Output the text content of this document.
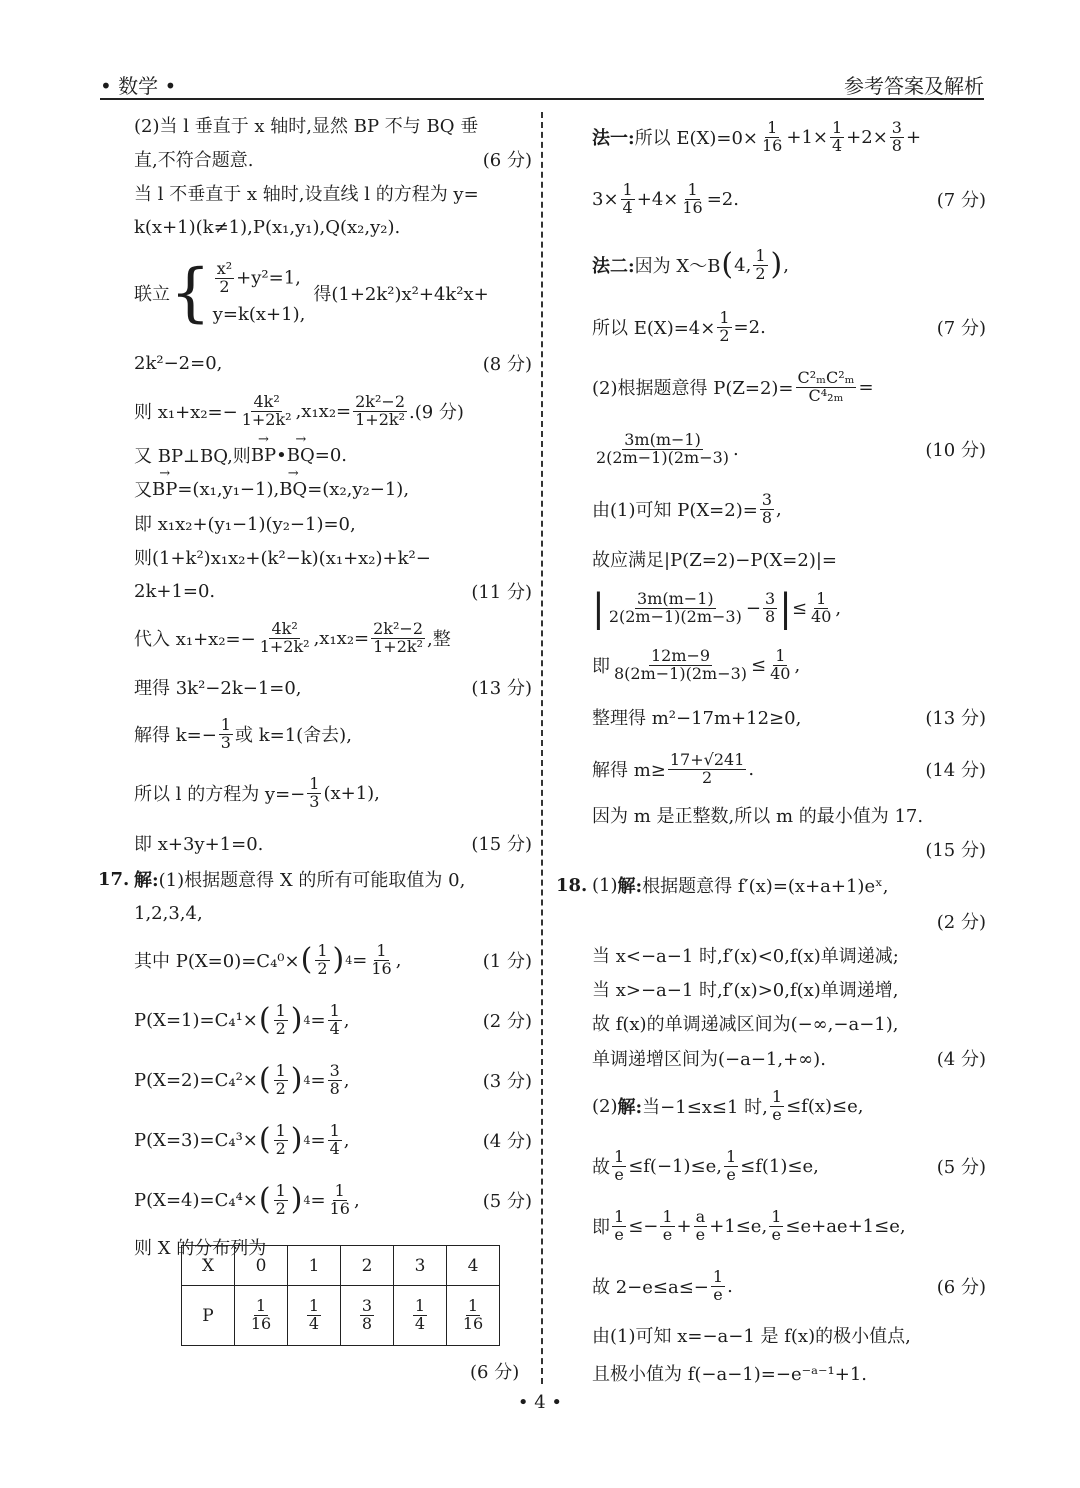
• 数学 •	参考答案及解析
(2)当 l 垂直于 x 轴时,显然 BP 不与 BQ 垂
直,不符合题意.	(6 分)
当 l 不垂直于 x 轴时,设直线 l 的方程为 y=
k(x+1)(k≠1),P(x₁,y₁),Q(x₂,y₂).
联立 { $\frac{\text{x²}}{2} +y^2=1$,
y=k(x+1),
得(1+2k²)x²+4k²x+
2k²−2=0,	(8 分)
则 $x_1+x_2=- \frac{\text{4k²}}{\text{1+2k²}} ,x_1x_2= \frac{\text{2k²−2}}{\text{1+2k²}} .(9$ 分)
又 BP⊥BQ,则 → BP • → BQ =0.
又 → BP =(x₁,y₁−1), → BQ =(x₂,y₂−1),
即 x₁x₂+(y₁−1)(y₂−1)=0,
则(1+k²)x₁x₂+(k²−k)(x₁+x₂)+k²−
2k+1=0.	(11 分)
代入 $x_1+x_2=- \frac{\text{4k²}}{\text{1+2k²}} ,x_1x_2= \frac{\text{2k²−2}}{\text{1+2k²}}$ ,整
理得 3k²−2k−1=0,	(13 分)
解得 $k=- \frac{1}{3}$ 或 k=1(舍去),
所以 l 的方程为 $y=- \frac{1}{3} (x+1)$,
即 x+3y+1=0.	(15 分)
17. 解: (1)根据题意得 X 的所有可能取值为 0,
1,2,3,4,
其中 P(X=0)=C₄⁰× ( 1
2 ) $4 = \frac{1}{16}$ ,	(1 分)
P(X=1)=C₄¹× ( 1
2 ) $4 = \frac{1}{4}$ ,	(2 分)
P(X=2)=C₄²× ( 1
2 ) $4 = \frac{3}{8}$ ,	(3 分)
P(X=3)=C₄³× ( 1
2 ) $4 = \frac{1}{4}$ ,	(4 分)
P(X=4)=C₄⁴× ( 1
2 ) $4 = \frac{1}{16}$ ,	(5 分)
则 X 的分布列为
X	0	1	2	3	4
P	$\frac{1}{16}$	$\frac{1}{4}$	$\frac{3}{8}$	$\frac{1}{4}$	$\frac{1}{16}$
(6 分)
法一: 所以 $E(X)=0\times \frac{1}{16} +1\times \frac{1}{4} +2\times \frac{3}{8}$ +
$3\times \frac{1}{4} +4\times \frac{1}{16} =2$.	(7 分)
法二: 因为 X～B ( 4, 1
2 ) ,
所以 $E(X)=4\times \frac{1}{2} =2$.	(7 分)
(2)根据题意得 $P(Z=2)= \frac{\text{C²ₘC²ₘ}}{\text{C⁴₂ₘ}}$ =
3m(m−1)
2(2m−1)(2m−3) .	(10 分)
由(1)可知 $P(X=2)= \frac{3}{8}$ ,
故应满足|P(Z=2)−P(X=2)|=
| 3m(m−1)
$2(2m-1)(2m-3) - \frac{3}{8}$ | ≤ $\frac{1}{40}$ ,
即 $\frac{12m-9}{8(2m-1)(2m-3)} \le \frac{1}{40}$ ,
整理得 m²−17m+12≥0,	(13 分)
解得 $m\ge \frac{17+√241}{2}$ .	(14 分)
因为 m 是正整数,所以 m 的最小值为 17.
(15 分)
18. (1) 解: 根据题意得 f′(x)=(x+a+1)eˣ,
(2 分)
当 x<−a−1 时,f′(x)<0,f(x)单调递减;
当 x>−a−1 时,f′(x)>0,f(x)单调递增,
故 f(x)的单调递减区间为(−∞,−a−1),
单调递增区间为(−a−1,+∞).	(4 分)
(2) 解: 当−1≤x≤1 时, $\frac{1}{e} \le f(x)\le e$,
故 $\frac{1}{e} \le f(-1)\le e$, $\frac{1}{e} \le f(1)\le e$,	(5 分)
即 $\frac{1}{e} \le- \frac{1}{e} + \frac{a}{e} +1\le e$, $\frac{1}{e} \le e+ae+1\le e$,
故 $2-e\le a\le- \frac{1}{e}$ .	(6 分)
由(1)可知 x=−a−1 是 f(x)的极小值点,
且极小值为 f(−a−1)=−e⁻ᵃ⁻¹+1.
• 4 •
